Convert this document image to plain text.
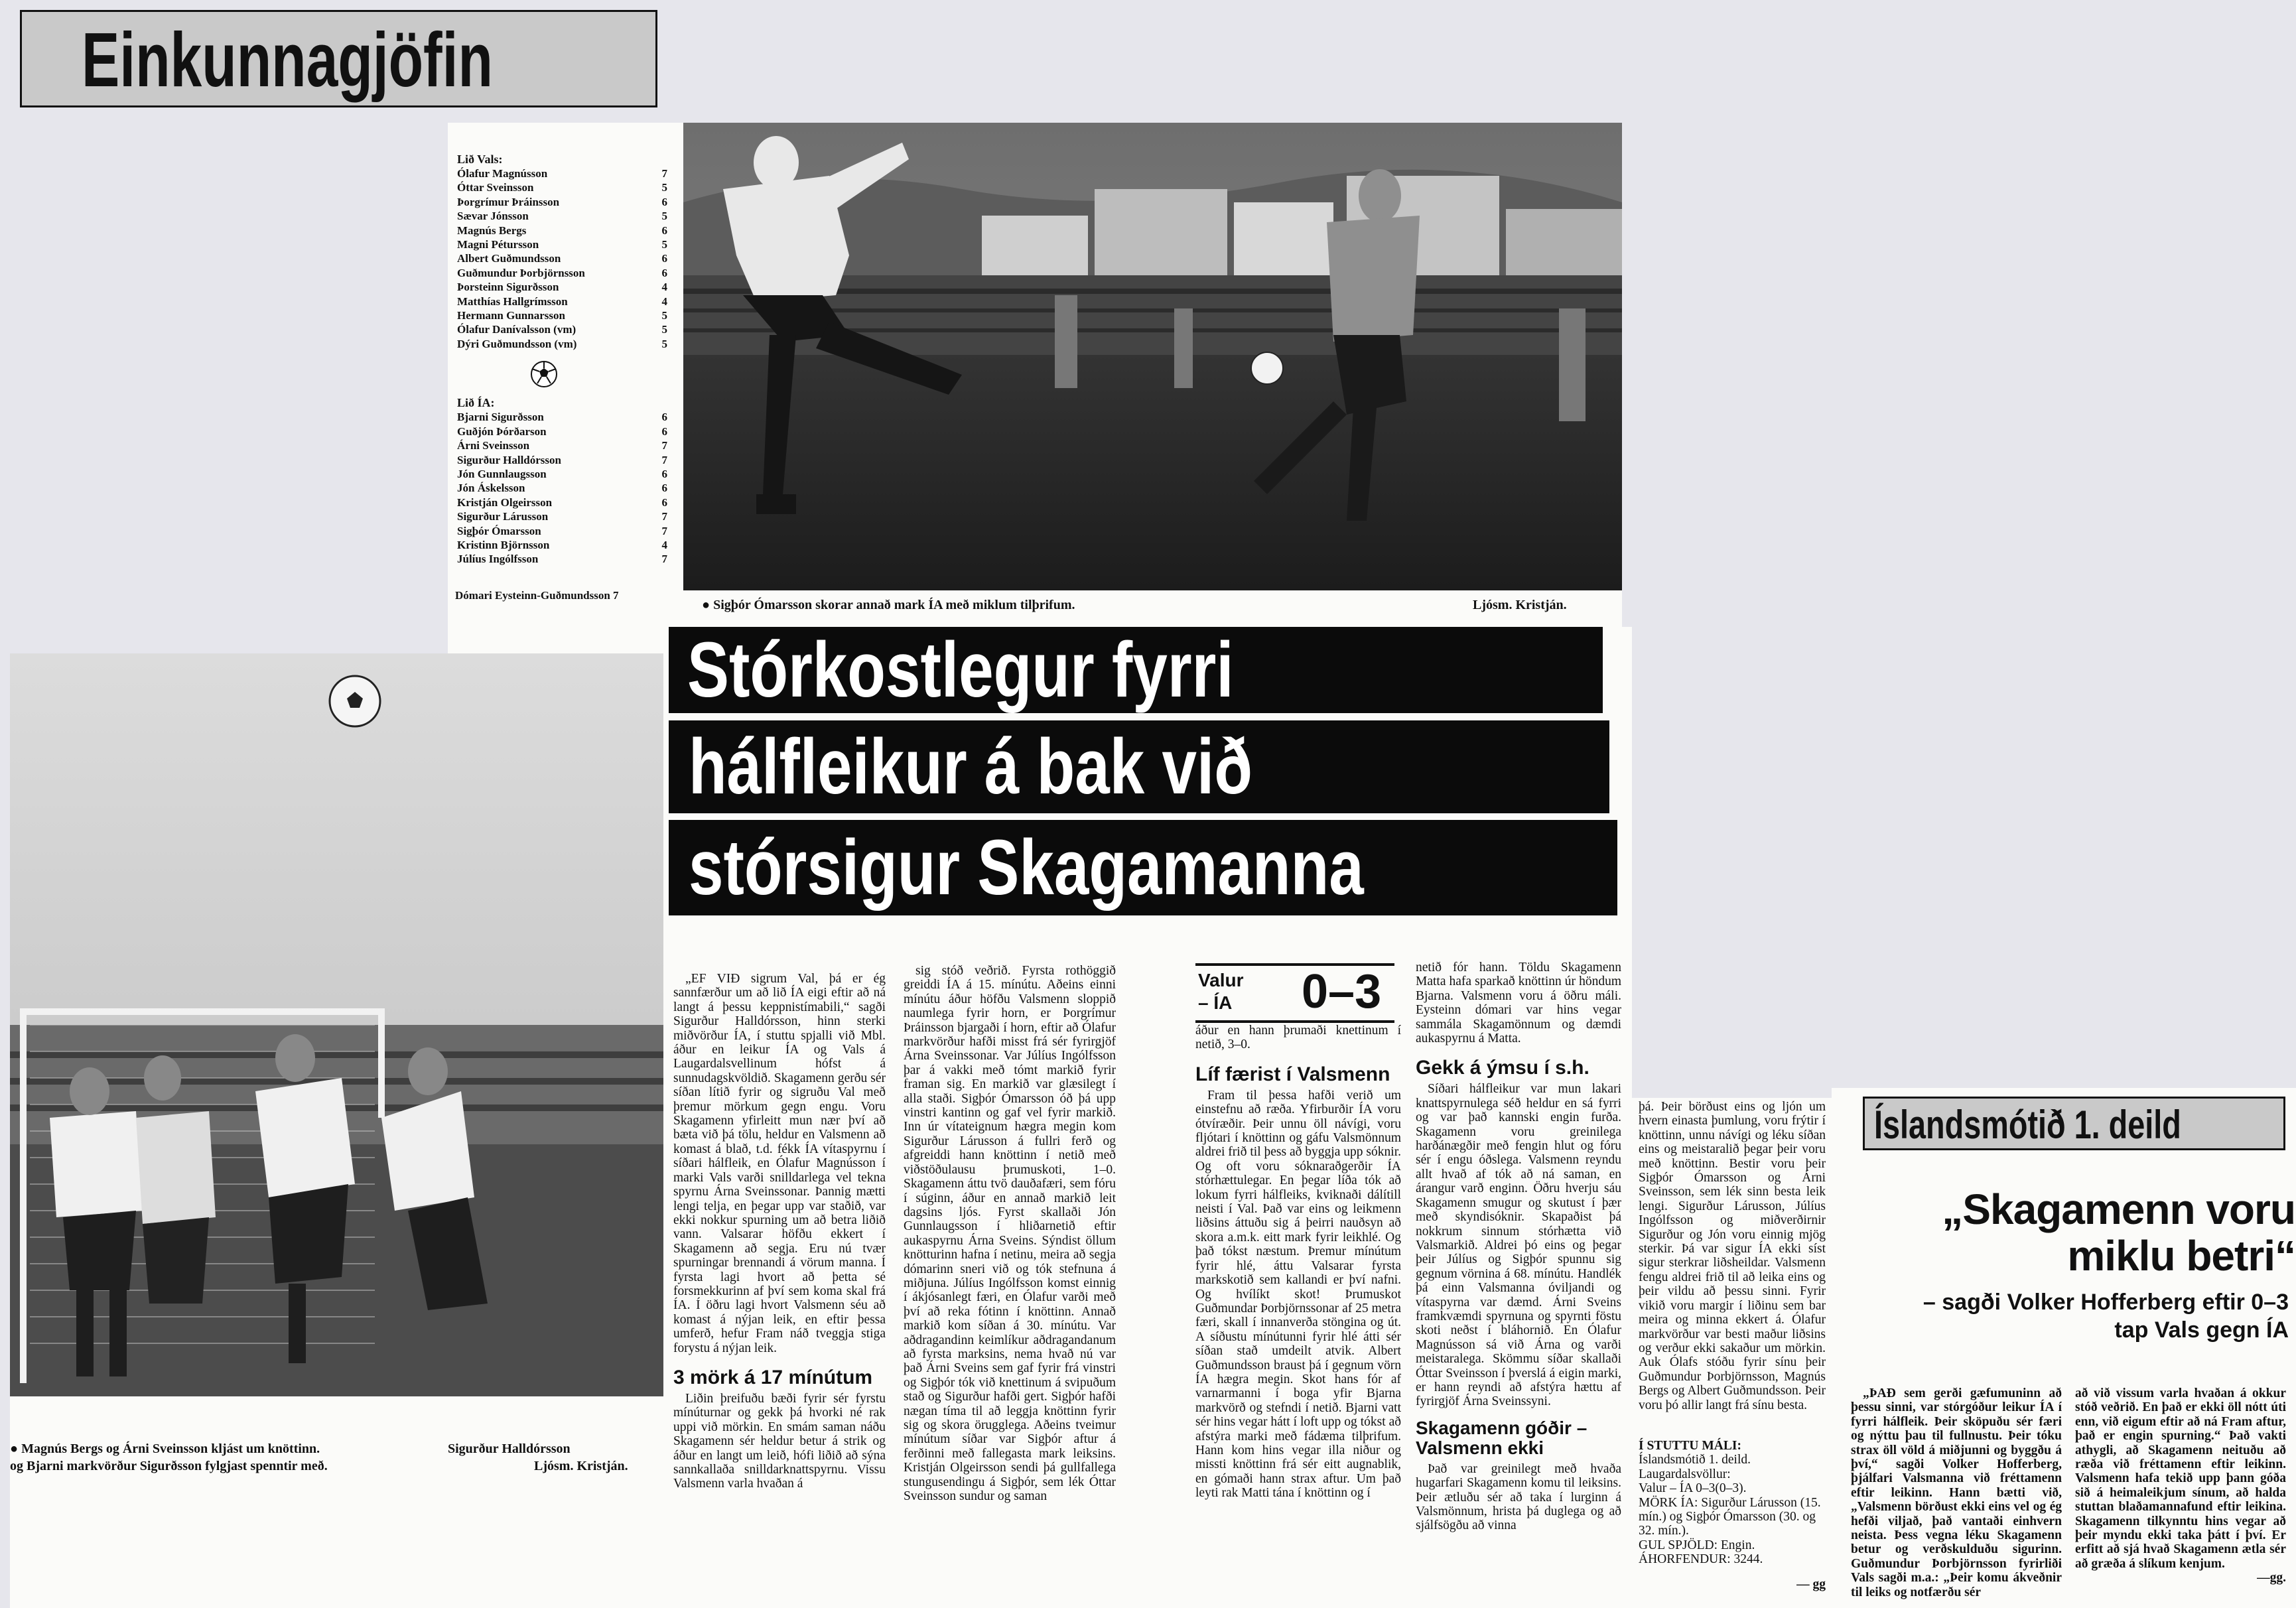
Einkunnagjöfin
Lið Vals:
Ólafur Magnússon	7
Óttar Sveinsson	5
Þorgrímur Þráinsson	6
Sævar Jónsson	5
Magnús Bergs	6
Magni Pétursson	5
Albert Guðmundsson	6
Guðmundur Þorbjörnsson	6
Þorsteinn Sigurðsson	4
Matthías Hallgrímsson	4
Hermann Gunnarsson	5
Ólafur Danívalsson (vm)	5
Dýri Guðmundsson (vm)	5
Lið ÍA:
Bjarni Sigurðsson	6
Guðjón Þórðarson	6
Árni Sveinsson	7
Sigurður Halldórsson	7
Jón Gunnlaugsson	6
Jón Áskelsson	6
Kristján Olgeirsson	6
Sigurður Lárusson	7
Sigþór Ómarsson	7
Kristinn Björnsson	4
Júlíus Ingólfsson	7
Dómari Eysteinn-Guðmundsson 7
● Sigþór Ómarsson skorar annað mark ÍA með miklum tilþrifum.	Ljósm. Kristján.
● Magnús Bergs og Árni Sveinsson kljást um knöttinn.	Sigurður Halldórsson
og Bjarni markvörður Sigurðsson fylgjast spenntir með.	Ljósm. Kristján.
Stórkostlegur fyrri
hálfleikur á bak við
stórsigur Skagamanna

„EF VIÐ sigrum Val, þá er ég sannfærður um að lið ÍA eigi eftir að ná langt á þessu keppnistímabili,“ sagði Sigurður Halldórsson, hinn sterki miðvörður ÍA, í stuttu spjalli við Mbl. áður en leikur ÍA og Vals á Laugardalsvellinum hófst á sunnudagskvöldið. Skagamenn gerðu sér síðan lítið fyrir og sigruðu Val með þremur mörkum gegn engu. Voru Skagamenn yfirleitt mun nær því að bæta við þá tölu, heldur en Valsmenn að komast á blað, t.d. fékk ÍA vítaspyrnu í síðari hálfleik, en Ólafur Magnússon í marki Vals varði snilldarlega vel tekna spyrnu Árna Sveinssonar. Þannig mætti lengi telja, en þegar upp var staðið, var ekki nokkur spurning um að betra liðið vann. Valsarar höfðu ekkert í Skagamenn að segja. Eru nú tvær spurningar brennandi á vörum manna. Í fyrsta lagi hvort að þetta sé forsmekkurinn af því sem koma skal frá ÍA. Í öðru lagi hvort Valsmenn séu að komast á nýjan leik, en eftir þessa umferð, hefur Fram náð tveggja stiga forystu á nýjan leik.

3 mörk á 17 mínútum

Liðin þreifuðu bæði fyrir sér fyrstu mínúturnar og gekk þá hvorki né rak uppi við mörkin. En smám saman náðu Skagamenn sér heldur betur á strik og áður en langt um leið, hófi liðið að sýna sannkallaða snilldarknattspyrnu. Vissu Valsmenn varla hvaðan á

sig stóð veðrið. Fyrsta rothöggið greiddi ÍA á 15. mínútu. Aðeins einni mínútu áður höfðu Valsmenn sloppið naumlega fyrir horn, er Þorgrímur Þráinsson bjargaði í horn, eftir að Ólafur markvörður hafði misst frá sér fyrirgjöf Árna Sveinssonar. Var Júlíus Ingólfsson þar á vakki með tómt markið fyrir framan sig. En markið var glæsilegt í alla staði. Sigþór Ómarsson óð þá upp vinstri kantinn og gaf vel fyrir markið. Inn úr vítateignum hægra megin kom Sigurður Lárusson á fullri ferð og afgreiddi hann knöttinn í netið með viðstöðulausu þrumuskoti, 1–0. Skagamenn áttu tvö dauðafæri, sem fóru í súginn, áður en annað markið leit dagsins ljós. Fyrst skallaði Jón Gunnlaugsson í hliðarnetið eftir aukaspyrnu Árna Sveins. Sýndist öllum knötturinn hafna í netinu, meira að segja dómarinn sneri við og tók stefnuna á miðjuna. Júlíus Ingólfsson komst einnig í ákjósanlegt færi, en Ólafur varði með því að reka fótinn í knöttinn. Annað markið kom síðan á 30. mínútu. Var aðdragandinn keimlíkur aðdragandanum að fyrsta marksins, nema hvað nú var það Árni Sveins sem gaf fyrir frá vinstri og Sigþór tók við knettinum á svipuðum stað og Sigurður hafði gert. Sigþór hafði nægan tíma til að leggja knöttinn fyrir sig og skora örugglega. Aðeins tveimur mínútum síðar var Sigþór aftur á ferðinni með fallegasta mark leiksins. Kristján Olgeirsson sendi þá gullfallega stungusendingu á Sigþór, sem lék Óttar Sveinsson sundur og saman

Valur
– ÍA 0–3

áður en hann þrumaði knettinum í netið, 3–0.

Líf færist í Valsmenn

Fram til þessa hafði verið um einstefnu að ræða. Yfirburðir ÍA voru ótvíræðir. Þeir unnu öll návígi, voru fljótari í knöttinn og gáfu Valsmönnum aldrei frið til þess að byggja upp sóknir. Og oft voru sóknaraðgerðir ÍA stórhættulegar. En þegar líða tók að lokum fyrri hálfleiks, kviknaði dálítill neisti í Val. Það var eins og leikmenn liðsins áttuðu sig á þeirri nauðsyn að skora a.m.k. eitt mark fyrir leikhlé. Og það tókst næstum. Þremur mínútum fyrir hlé, áttu Valsarar fyrsta markskotið sem kallandi er því nafni. Og hvílíkt skot! Þrumuskot Guðmundar Þorbjörnssonar af 25 metra færi, skall í innanverða stöngina og út. A síðustu mínútunni fyrir hlé átti sér síðan stað umdeilt atvik. Albert Guðmundsson braust þá í gegnum vörn ÍA hægra megin. Skot hans fór af varnarmanni í boga yfir Bjarna markvörð og stefndi í netið. Bjarni vatt sér hins vegar hátt í loft upp og tókst að afstýra marki með fádæma tilþrifum. Hann kom hins vegar illa niður og missti knöttinn frá sér eitt augnablik, en gómaði hann strax aftur. Um það leyti rak Matti tána í knöttinn og í

netið fór hann. Töldu Skagamenn Matta hafa sparkað knöttinn úr höndum Bjarna. Valsmenn voru á öðru máli. Eysteinn dómari var hins vegar sammála Skagamönnum og dæmdi aukaspyrnu á Matta.

Gekk á ýmsu í s.h.

Síðari hálfleikur var mun lakari knattspyrnulega séð heldur en sá fyrri og var það kannski engin furða. Skagamenn voru greinilega harðánægðir með fengin hlut og fóru sér í engu óðslega. Valsmenn reyndu allt hvað af tók að ná saman, en árangur varð enginn. Öðru hverju sáu Skagamenn smugur og skutust í þær með skyndisóknir. Skapaðist þá nokkrum sinnum stórhætta við Valsmarkið. Aldrei þó eins og þegar þeir Júlíus og Sigþór spunnu sig gegnum vörnina á 68. mínútu. Handlék þá einn Valsmanna óviljandi og vítaspyrna var dæmd. Árni Sveins framkvæmdi spyrnuna og spyrnti föstu skoti neðst í bláhornið. En Ólafur Magnússon sá við Árna og varði meistaralega. Skömmu síðar skallaði Óttar Sveinsson í þverslá á eigin marki, er hann reyndi að afstýra hættu af fyrirgjöf Árna Sveinssyni.

Skagamenn góðir – Valsmenn ekki

Það var greinilegt með hvaða hugarfari Skagamenn komu til leiksins. Þeir ætluðu sér að taka í lurginn á Valsmönnum, hrista þá duglega og að sjálfsögðu að vinna

þá. Þeir börðust eins og ljón um hvern einasta þumlung, voru frýtir í knöttinn, unnu návígi og léku síðan eins og meistaralið þegar þeir voru með knöttinn. Bestir voru þeir Sigþór Ómarsson og Árni Sveinsson, sem lék sinn besta leik lengi. Sigurður Lárusson, Júlíus Ingólfsson og miðverðirnir Sigurður og Jón voru einnig mjög sterkir. Þá var sigur ÍA ekki síst sigur sterkrar liðsheildar. Valsmenn fengu aldrei frið til að leika eins og þeir vildu að þessu sinni. Fyrir vikið voru margir í liðinu sem bar meira og minna ekkert á. Ólafur markvörður var besti maður liðsins og verður ekki sakaður um mörkin. Auk Ólafs stóðu fyrir sínu þeir Guðmundur Þorbjörnsson, Magnús Bergs og Albert Guðmundsson. Þeir voru þó allir langt frá sínu besta.

Í STUTTU MÁLI:
Íslandsmótið 1. deild. Laugardalsvöllur:
Valur – ÍA 0–3(0–3).
MÖRK ÍA: Sigurður Lárusson (15. mín.) og Sigþór Ómarsson (30. og 32. mín.).
GUL SPJÖLD: Engin.
ÁHORFENDUR: 3244.
— gg
Íslandsmótið 1. deild
„Skagamenn voru miklu betri“
– sagði Volker Hofferberg eftir 0–3 tap Vals gegn ÍA

„ÞAÐ sem gerði gæfumuninn að þessu sinni, var stórgóður leikur ÍA í fyrri hálfleik. Þeir sköpuðu sér færi og nýttu þau til fullnustu. Þeir tóku strax öll völd á miðjunni og byggðu á því,“ sagði Volker Hofferberg, þjálfari Valsmanna við fréttamenn eftir leikinn. Hann bætti við, „Valsmenn börðust ekki eins vel og ég hefði viljað, það vantaði einhvern neista. Þess vegna léku Skagamenn betur og verðskulduðu sigurinn. Guðmundur Þorbjörnsson fyrirliði Vals sagði m.a.: „Þeir komu ákveðnir til leiks og notfærðu sér

að við vissum varla hvaðan á okkur stóð veðrið. En það er ekki öll nótt úti enn, við eigum eftir að ná Fram aftur, það er engin spurning.“ Það vakti athygli, að Skagamenn neituðu að ræða við fréttamenn eftir leikinn. Valsmenn hafa tekið upp þann góða sið á heimaleikjum sínum, að halda stuttan blaðamannafund eftir leikina. Skagamenn tilkynntu hins vegar að þeir myndu ekki taka þátt í því. Er erfitt að sjá hvað Skagamenn ætla sér að græða á slíkum kenjum.

—gg.
